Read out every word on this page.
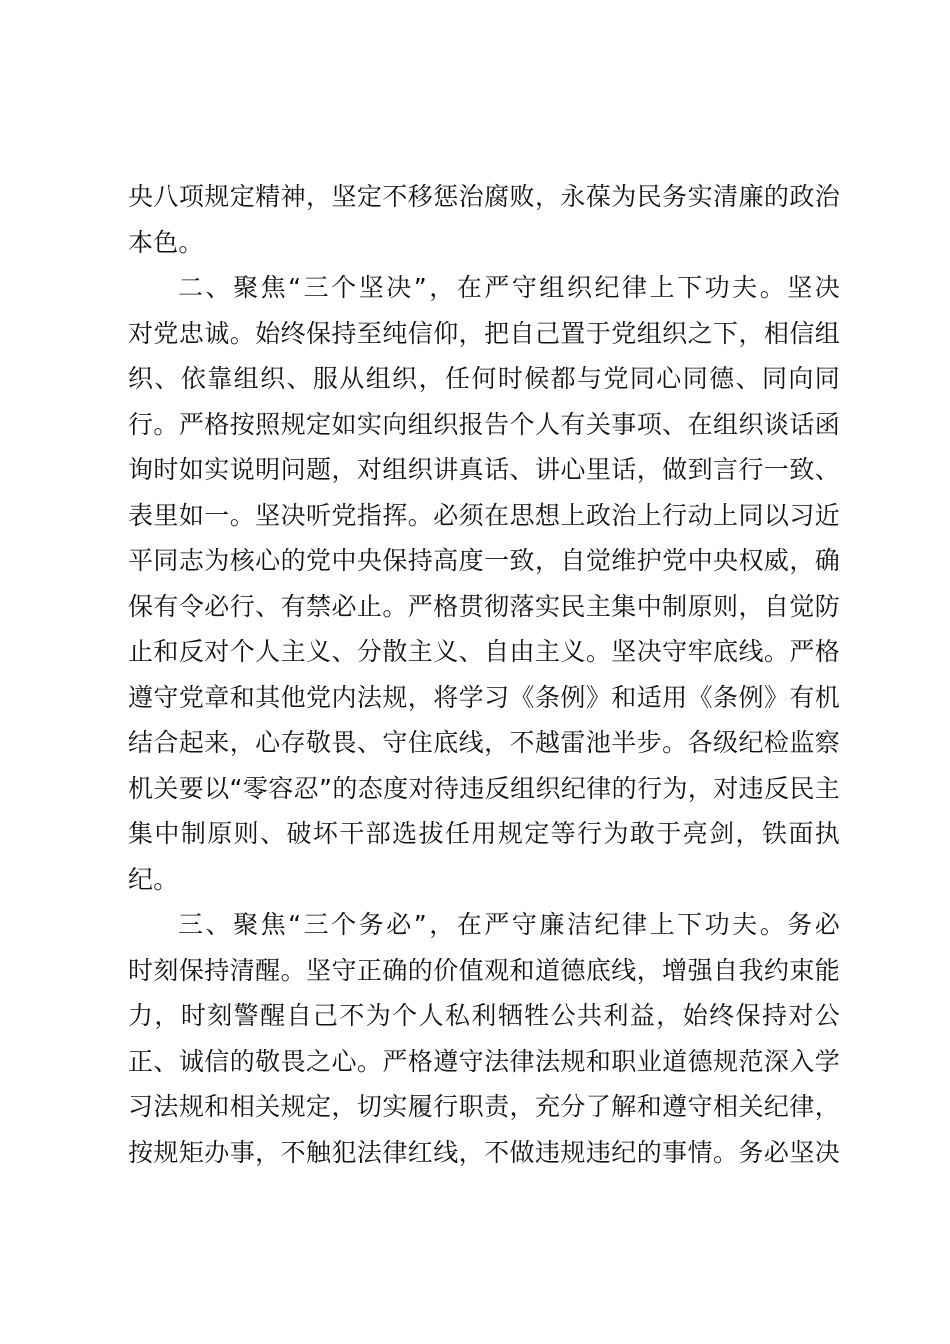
央八项规定精神，坚定不移惩治腐败，永葆为民务实清廉的政治
本色。
二、聚焦“三个坚决”，在严守组织纪律上下功夫。坚决
对党忠诚。始终保持至纯信仰，把自己置于党组织之下，相信组
织、依靠组织、服从组织，任何时候都与党同心同德、同向同
行。严格按照规定如实向组织报告个人有关事项、在组织谈话函
询时如实说明问题，对组织讲真话、讲心里话，做到言行一致、
表里如一。坚决听党指挥。必须在思想上政治上行动上同以习近
平同志为核心的党中央保持高度一致，自觉维护党中央权威，确
保有令必行、有禁必止。严格贯彻落实民主集中制原则，自觉防
止和反对个人主义、分散主义、自由主义。坚决守牢底线。严格
遵守党章和其他党内法规，将学习《条例》和适用《条例》有机
结合起来，心存敬畏、守住底线，不越雷池半步。各级纪检监察
机关要以“零容忍”的态度对待违反组织纪律的行为，对违反民主
集中制原则、破坏干部选拔任用规定等行为敢于亮剑，铁面执
纪。
三、聚焦“三个务必”，在严守廉洁纪律上下功夫。务必
时刻保持清醒。坚守正确的价值观和道德底线，增强自我约束能
力，时刻警醒自己不为个人私利牺牲公共利益，始终保持对公
正、诚信的敬畏之心。严格遵守法律法规和职业道德规范深入学
习法规和相关规定，切实履行职责，充分了解和遵守相关纪律，
按规矩办事，不触犯法律红线，不做违规违纪的事情。务必坚决
